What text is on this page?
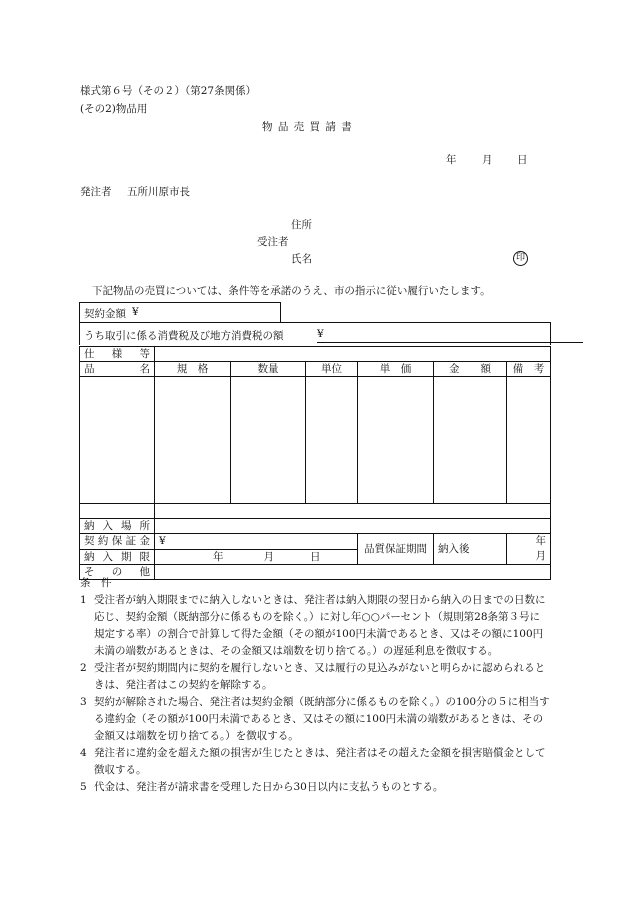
様式第６号（その２）（第27条関係）
(その2)物品用
物 品 売 買 請 書
年 月 日
発注者 五所川原市長
住所
受注者
氏名	印
下記物品の売買については、条件等を承諾のうえ、市の指示に従い履行いたします。
契約金額 ¥
うち取引に係る消費税及び地方消費税の額	¥
仕　様　等						
品　　名	規　格	数量	単位	単　価	金　　額	備　考

納 入 場 所						
契約保証金	¥			品質保証期間	納入後	年
月
納 入 期 限	年 月 日					
そ　の　他						
条　件
1 受注者が納入期限までに納入しないときは、発注者は納入期限の翌日から納入の日までの日数に応じ、契約金額（既納部分に係るものを除く。）に対し年○○パーセント（規則第28条第３号に規定する率）の割合で計算して得た金額（その額が100円未満であるとき、又はその額に100円未満の端数があるときは、その金額又は端数を切り捨てる。）の遅延利息を徴収する。
2 受注者が契約期間内に契約を履行しないとき、又は履行の見込みがないと明らかに認められるときは、発注者はこの契約を解除する。
3 契約が解除された場合、発注者は契約金額（既納部分に係るものを除く。）の100分の５に相当する違約金（その額が100円未満であるとき、又はその額に100円未満の端数があるときは、その金額又は端数を切り捨てる。）を徴収する。
4 発注者に違約金を超えた額の損害が生じたときは、発注者はその超えた金額を損害賠償金として徴収する。
5 代金は、発注者が請求書を受理した日から30日以内に支払うものとする。
